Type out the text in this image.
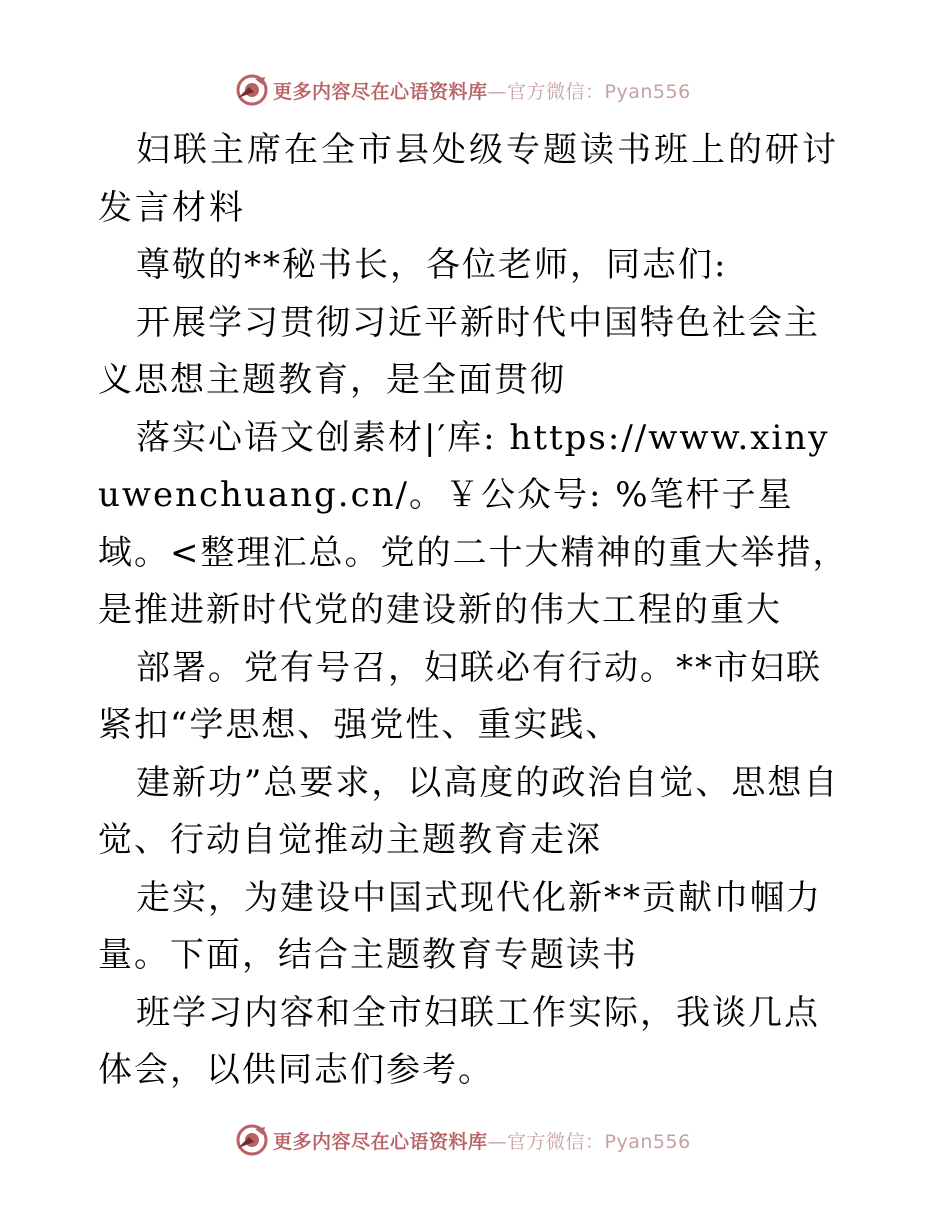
更多内容尽在心语资料库—官方微信：Pyan556

妇联主席在全市县处级专题读书班上的研讨发言材料

尊敬的**秘书长，各位老师，同志们:

开展学习贯彻习近平新时代中国特色社会主义思想主题教育，是全面贯彻

落实心语文创素材|′库: https://www.xinyuwenchuang.cn/。￥公众号: %笔杆子星域。<整理汇总。党的二十大精神的重大举措，是推进新时代党的建设新的伟大工程的重大

部署。党有号召，妇联必有行动。**市妇联紧扣“学思想、强党性、重实践、

建新功”总要求，以高度的政治自觉、思想自觉、行动自觉推动主题教育走深

走实，为建设中国式现代化新**贡献巾帼力量。下面，结合主题教育专题读书

班学习内容和全市妇联工作实际，我谈几点体会，以供同志们参考。

更多内容尽在心语资料库—官方微信：Pyan556
